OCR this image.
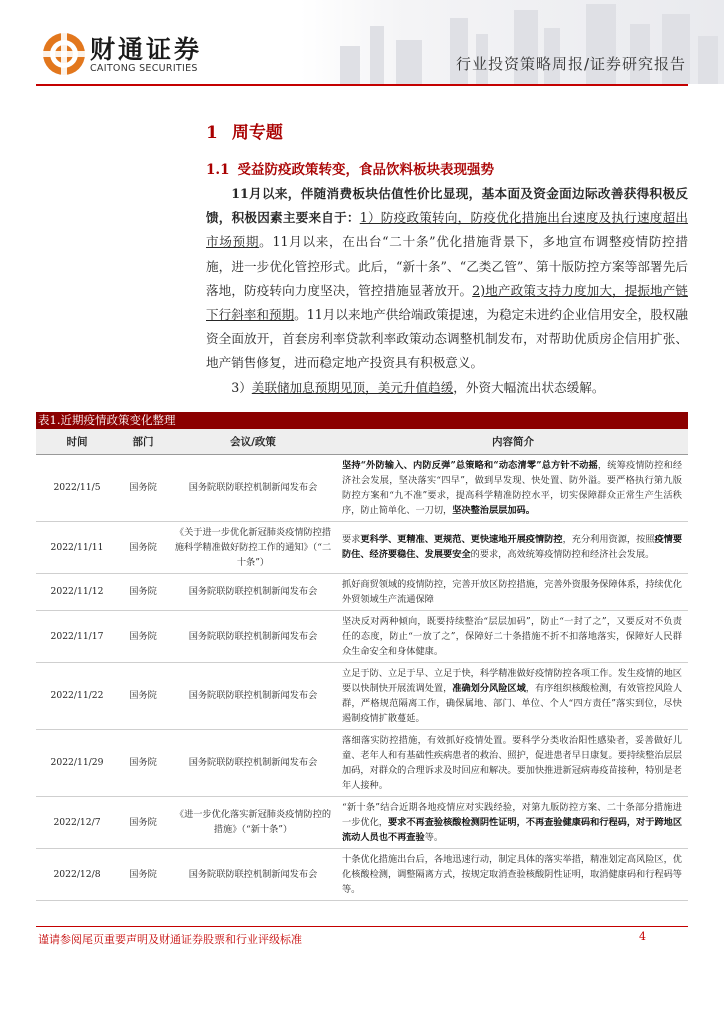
财通证券
CAITONG SECURITIES	行业投资策略周报/证券研究报告
1 周专题
1.1 受益防疫政策转变，食品饮料板块表现强势

11月以来，伴随消费板块估值性价比显现，基本面及资金面边际改善获得积极反馈，积极因素主要来自于：1）防疫政策转向，防疫优化措施出台速度及执行速度超出市场预期。11月以来，在出台“二十条”优化措施背景下，多地宣布调整疫情防控措施，进一步优化管控形式。此后，“新十条”、“乙类乙管”、第十版防控方案等部署先后落地，防疫转向力度坚决，管控措施显著放开。2)地产政策支持力度加大，提振地产链下行斜率和预期。11月以来地产供给端政策提速，为稳定未进约企业信用安全，股权融资全面放开，首套房利率贷款利率政策动态调整机制发布，对帮助优质房企信用扩张、地产销售修复，进而稳定地产投资具有积极意义。

3）美联储加息预期见顶，美元升值趋缓，外资大幅流出状态缓解。

表1.近期疫情政策变化整理
时间	部门	会议/政策	内容简介
2022/11/5	国务院	国务院联防联控机制新闻发布会	坚持“外防输入、内防反弹”总策略和“动态清零”总方针不动摇，统筹疫情防控和经济社会发展，坚决落实“四早”，做到早发现、快处置、防外溢。要严格执行第九版防控方案和“九不准”要求，提高科学精准防控水平，切实保障群众正常生产生活秩序，防止简单化、一刀切，坚决整治层层加码。
2022/11/11	国务院	《关于进一步优化新冠肺炎疫情防控措施科学精准做好防控工作的通知》（“二十条”）	要求更科学、更精准、更规范、更快速地开展疫情防控，充分利用资源，按照疫情要防住、经济要稳住、发展要安全的要求，高效统筹疫情防控和经济社会发展。
2022/11/12	国务院	国务院联防联控机制新闻发布会	抓好商贸领域的疫情防控，完善开放区防控措施，完善外资服务保障体系，持续优化外贸领域生产流通保障
2022/11/17	国务院	国务院联防联控机制新闻发布会	坚决反对两种倾向，既要持续整治“层层加码”，防止“一封了之”，又要反对不负责任的态度，防止“一放了之”，保障好二十条措施不折不扣落地落实，保障好人民群众生命安全和身体健康。
2022/11/22	国务院	国务院联防联控机制新闻发布会	立足于防、立足于早、立足于快，科学精准做好疫情防控各项工作。发生疫情的地区要以快制快开展流调处置，准确划分风险区域，有序组织核酸检测，有效管控风险人群，严格规范隔离工作，确保属地、部门、单位、个人“四方责任”落实到位，尽快遏制疫情扩散蔓延。
2022/11/29	国务院	国务院联防联控机制新闻发布会	落细落实防控措施，有效抓好疫情处置。要科学分类收治阳性感染者，妥善做好儿童、老年人和有基础性疾病患者的救治、照护，促进患者早日康复。要持续整治层层加码，对群众的合理诉求及时回应和解决。要加快推进新冠病毒疫苗接种，特别是老年人接种。
2022/12/7	国务院	《进一步优化落实新冠肺炎疫情防控的措施》（“新十条”）	“新十条”结合近期各地疫情应对实践经验，对第九版防控方案、二十条部分措施进一步优化，要求不再查验核酸检测阴性证明，不再查验健康码和行程码，对于跨地区流动人员也不再查验等。
2022/12/8	国务院	国务院联防联控机制新闻发布会	十条优化措施出台后，各地迅速行动，制定具体的落实举措，精准划定高风险区，优化核酸检测，调整隔离方式，按规定取消查验核酸阴性证明，取消健康码和行程码等等。
谨请参阅尾页重要声明及财通证券股票和行业评级标准	4
